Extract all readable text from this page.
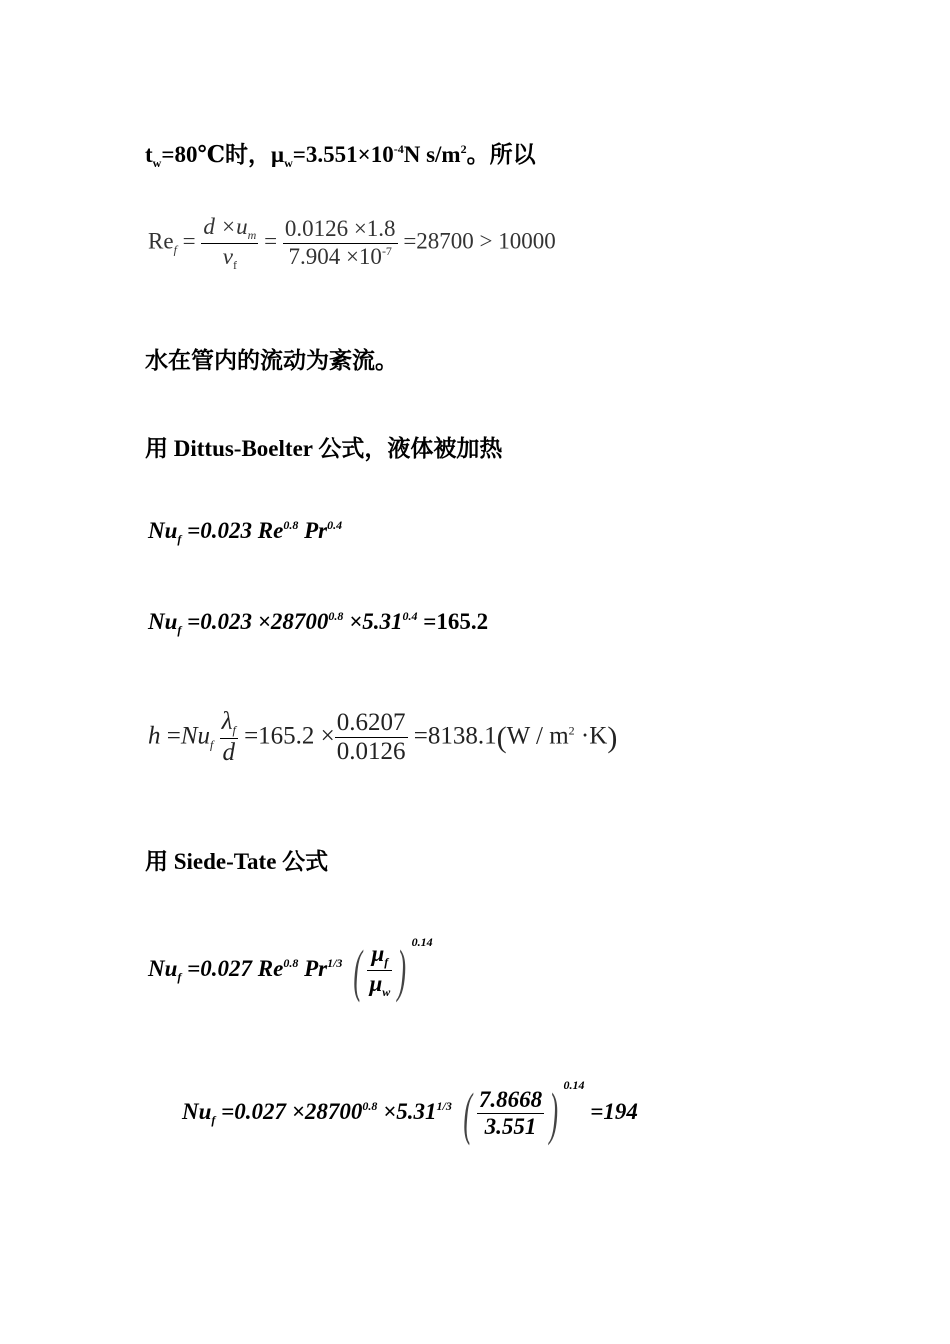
$t_w=80℃$时，$\mu_w=3.551\times 10^{-4}N$ $s/m^2$。所以
$Re_f = \frac{d \times u_m}{v_f} = \frac{0.0126 \times 1.8}{7.904 \times 10^{-7}} =28700 > 10000$
水在管内的流动为紊流。
用 Dittus-Boelter 公式，液体被加热
$Nu_f =0.023$ $Re^{0.8}$ $Pr^{0.4}$
$Nu_f =0.023 \times 28700^{0.8} \times 5.31^{0.4} =165.2$
$h =Nu_f \frac{\lambda_f}{d} =165.2 \times \frac{0.6207}{0.0126} =8138.1(W / m^2 \cdot K)$
用 Siede-Tate 公式
$Nu_f =0.027$ $Re^{0.8}$ $Pr^{1/3}$ ( $\frac{\mu_f}{\mu_w}$ ) $^{0.14}$
$Nu_f =0.027 \times 28700^{0.8} \times 5.31^{1/3}$ ( $\frac{7.8668}{3.551}$ ) $^{0.14}$ =194
